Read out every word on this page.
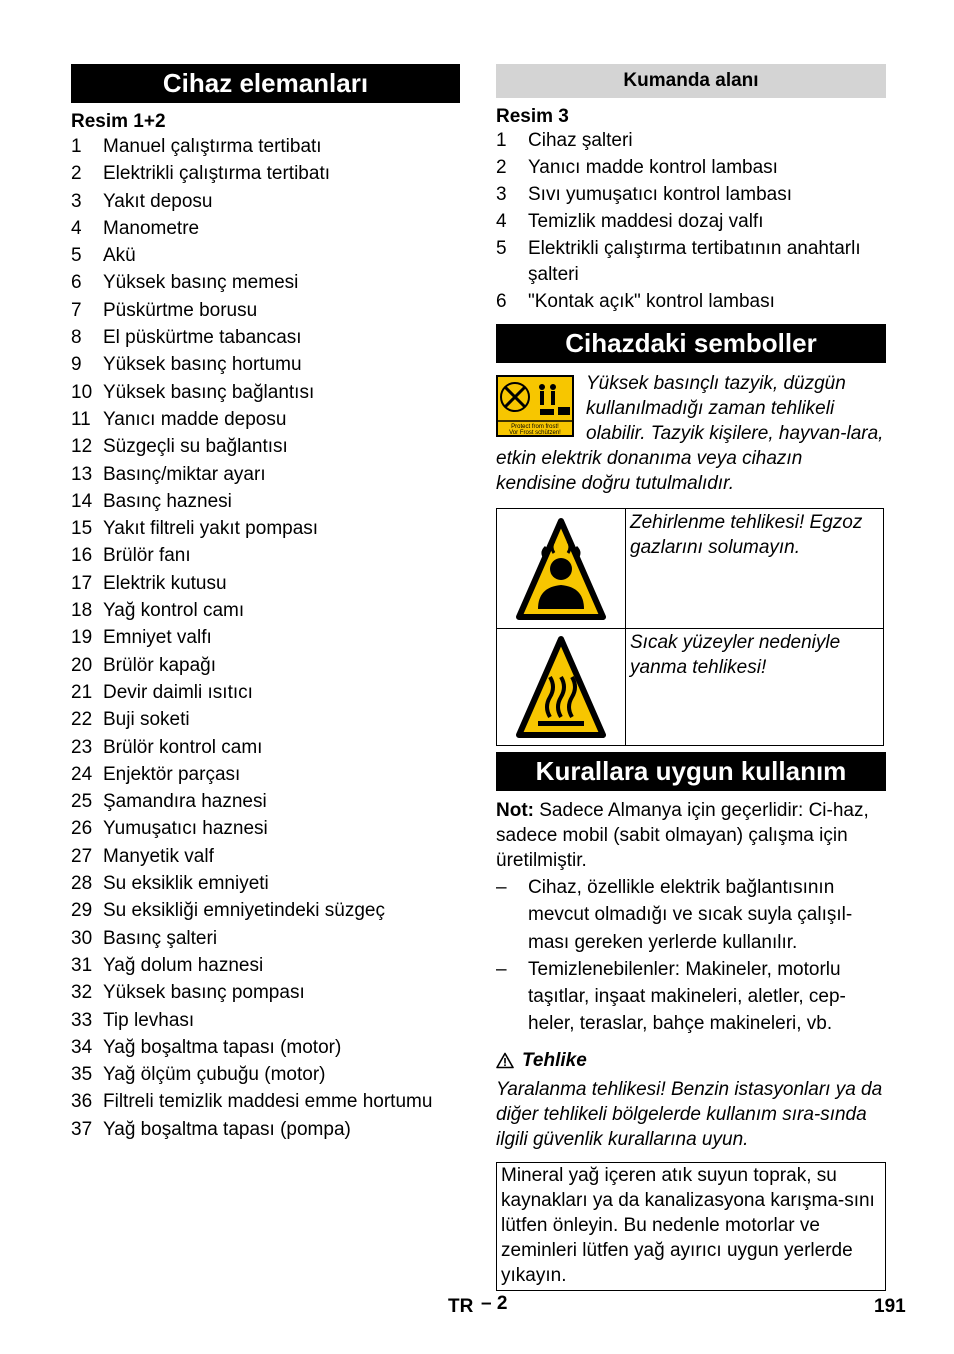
Cihaz elemanları
Resim 1+2
1	Manuel çalıştırma tertibatı
2	Elektrikli çalıştırma tertibatı
3	Yakıt deposu
4	Manometre
5	Akü
6	Yüksek basınç memesi
7	Püskürtme borusu
8	El püskürtme tabancası
9	Yüksek basınç hortumu
10 Yüksek basınç bağlantısı
11 Yanıcı madde deposu
12 Süzgeçli su bağlantısı
13 Basınç/miktar ayarı
14 Basınç haznesi
15 Yakıt filtreli yakıt pompası
16 Brülör fanı
17 Elektrik kutusu
18 Yağ kontrol camı
19 Emniyet valfı
20 Brülör kapağı
21 Devir daimli ısıtıcı
22 Buji soketi
23 Brülör kontrol camı
24 Enjektör parçası
25 Şamandıra haznesi
26 Yumuşatıcı haznesi
27 Manyetik valf
28 Su eksiklik emniyeti
29 Su eksikliği emniyetindeki süzgeç
30 Basınç şalteri
31 Yağ dolum haznesi
32 Yüksek basınç pompası
33 Tip levhası
34 Yağ boşaltma tapası (motor)
35 Yağ ölçüm çubuğu (motor)
36 Filtreli temizlik maddesi emme hortumu
37 Yağ boşaltma tapası (pompa)
Kumanda alanı
Resim 3
1	Cihaz şalteri
2	Yanıcı madde kontrol lambası
3	Sıvı yumuşatıcı kontrol lambası
4	Temizlik maddesi dozaj valfı
5	Elektrikli çalıştırma tertibatının anahtarlı şalteri
6	"Kontak açık" kontrol lambası
Cihazdaki semboller
Protect from frost!
Vor Frost schützen!

Yüksek basınçlı tazyik, düzgün kullanılmadığı zaman tehlikeli olabilir. Tazyik kişilere, hayvan-lara, etkin elektrik donanıma veya cihazın kendisine doğru tutulmalıdır.

	Zehirlenme tehlikesi! Egzoz gazlarını solumayın.
	Sıcak yüzeyler nedeniyle yanma tehlikesi!
Kurallara uygun kullanım

Not: Sadece Almanya için geçerlidir: Ci-haz, sadece mobil (sabit olmayan) çalışma için üretilmiştir.

–	Cihaz, özellikle elektrik bağlantısının mevcut olmadığı ve sıcak suyla çalışıl-ması gereken yerlerde kullanılır.
–	Temizlenebilenler: Makineler, motorlu taşıtlar, inşaat makineleri, aletler, cep-heler, teraslar, bahçe makineleri, vb.
Tehlike

Yaralanma tehlikesi! Benzin istasyonları ya da diğer tehlikeli bölgelerde kullanım sıra-sında ilgili güvenlik kurallarına uyun.

Mineral yağ içeren atık suyun toprak, su kaynakları ya da kanalizasyona karışma-sını lütfen önleyin. Bu nedenle motorlar ve zeminleri lütfen yağ ayırıcı uygun yerlerde yıkayın.
TR – 2	191
